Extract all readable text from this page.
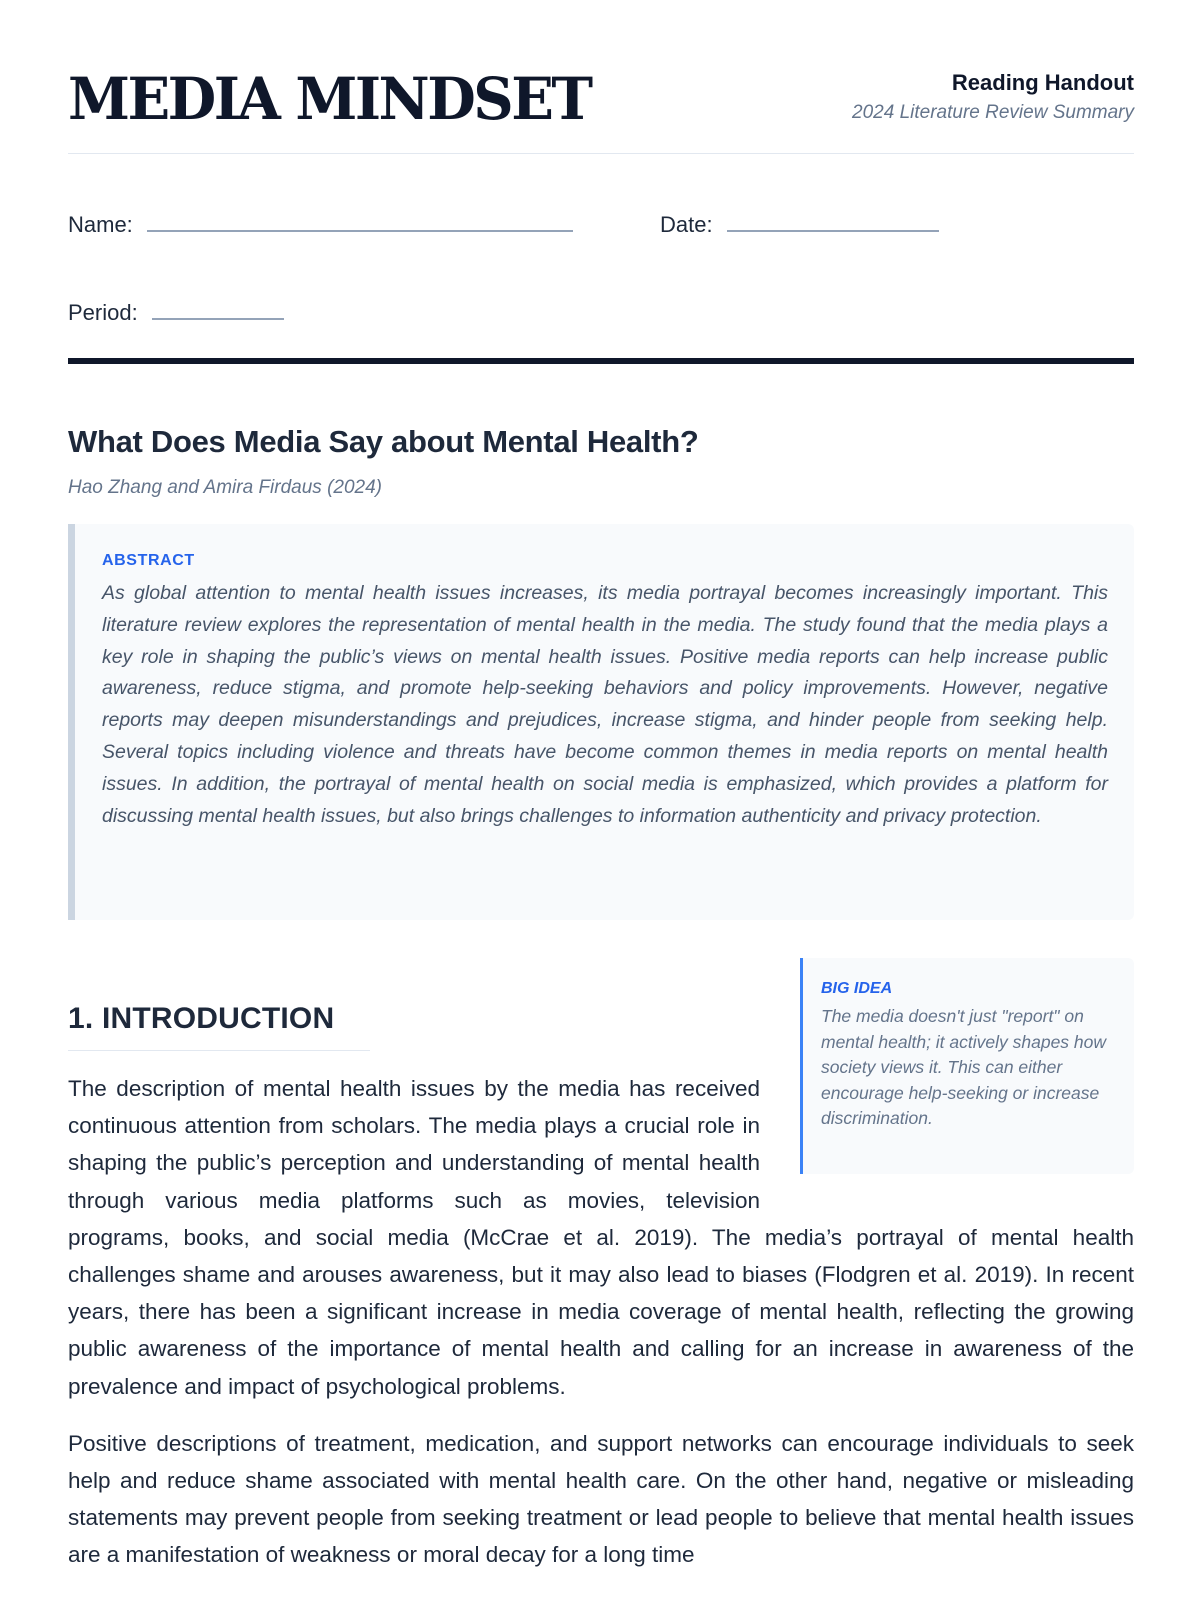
MEDIA MINDSET	Reading Handout
2024 Literature Review Summary
Name:	Date:
Period:
What Does Media Say about Mental Health?
Hao Zhang and Amira Firdaus (2024)
ABSTRACT

As global attention to mental health issues increases, its media portrayal becomes increasingly important. This literature review explores the representation of mental health in the media. The study found that the media plays a key role in shaping the public’s views on mental health issues. Positive media reports can help increase public awareness, reduce stigma, and promote help-seeking behaviors and policy improvements. However, negative reports may deepen misunderstandings and prejudices, increase stigma, and hinder people from seeking help. Several topics including violence and threats have become common themes in media reports on mental health issues. In addition, the portrayal of mental health on social media is emphasized, which provides a platform for discussing mental health issues, but also brings challenges to information authenticity and privacy protection.

1. INTRODUCTION

The description of mental health issues by the media has received continuous attention from scholars. The media plays a crucial role in shaping the public’s perception and understanding of mental health through various media platforms such as movies, television programs, books, and social media (McCrae et al. 2019). The media’s portrayal of mental health challenges shame and arouses awareness, but it may also lead to biases (Flodgren et al. 2019). In recent years, there has been a significant increase in media coverage of mental health, reflecting the growing public awareness of the importance of mental health and calling for an increase in awareness of the prevalence and impact of psychological problems.

Positive descriptions of treatment, medication, and support networks can encourage individuals to seek help and reduce shame associated with mental health care. On the other hand, negative or misleading statements may prevent people from seeking treatment or lead people to believe that mental health issues are a manifestation of weakness or moral decay for a long time

BIG IDEA
The media doesn't just "report" on mental health; it actively shapes how society views it. This can either encourage help-seeking or increase discrimination.
